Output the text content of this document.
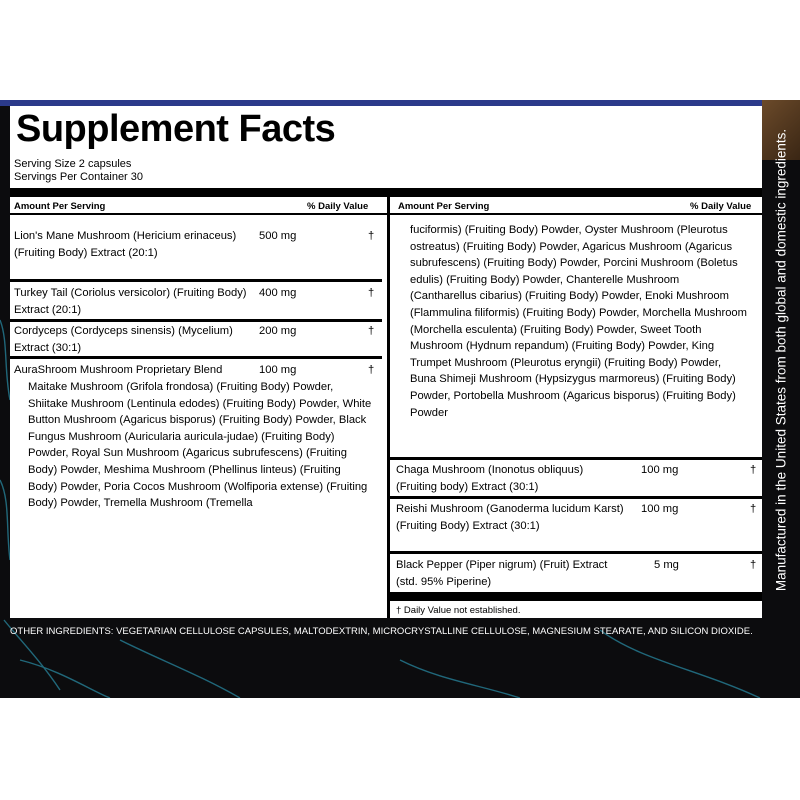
Supplement Facts
Serving Size 2 capsules
Servings Per Container 30
Amount Per Serving	% Daily Value	Amount Per Serving	% Daily Value
Lion's Mane Mushroom (Hericium erinaceus) (Fruiting Body) Extract (20:1)
500 mg	†
Turkey Tail (Coriolus versicolor) (Fruiting Body) Extract (20:1)
400 mg	†
Cordyceps (Cordyceps sinensis) (Mycelium) Extract (30:1)
200 mg	†
AuraShroom Mushroom Proprietary Blend	100 mg	†
Maitake Mushroom (Grifola frondosa) (Fruiting Body) Powder, Shiitake Mushroom (Lentinula edodes) (Fruiting Body) Powder, White Button Mushroom (Agaricus bisporus) (Fruiting Body) Powder, Black Fungus Mushroom (Auricularia auricula-judae) (Fruiting Body) Powder, Royal Sun Mushroom (Agaricus subrufescens) (Fruiting Body) Powder, Meshima Mushroom (Phellinus linteus) (Fruiting Body) Powder, Poria Cocos Mushroom (Wolfiporia extense) (Fruiting Body) Powder, Tremella Mushroom (Tremella
fuciformis) (Fruiting Body) Powder, Oyster Mushroom (Pleurotus ostreatus) (Fruiting Body) Powder, Agaricus Mushroom (Agaricus subrufescens) (Fruiting Body) Powder, Porcini Mushroom (Boletus edulis) (Fruiting Body) Powder, Chanterelle Mushroom (Cantharellus cibarius) (Fruiting Body) Powder, Enoki Mushroom (Flammulina filiformis) (Fruiting Body) Powder, Morchella Mushroom (Morchella esculenta) (Fruiting Body) Powder, Sweet Tooth Mushroom (Hydnum repandum) (Fruiting Body) Powder, King Trumpet Mushroom (Pleurotus eryngii) (Fruiting Body) Powder, Buna Shimeji Mushroom (Hypsizygus marmoreus) (Fruiting Body) Powder, Portobella Mushroom (Agaricus bisporus) (Fruiting Body) Powder
Chaga Mushroom (Inonotus obliquus) (Fruiting body) Extract (30:1)
100 mg	†
Reishi Mushroom (Ganoderma lucidum Karst) (Fruiting Body) Extract (30:1)
100 mg	†
Black Pepper (Piper nigrum) (Fruit) Extract (std. 95% Piperine)
5 mg	†
† Daily Value not established.
OTHER INGREDIENTS: VEGETARIAN CELLULOSE CAPSULES, MALTODEXTRIN, MICROCRYSTALLINE CELLULOSE, MAGNESIUM STEARATE, AND SILICON DIOXIDE.
Manufactured in the United States from both global and domestic ingredients.
